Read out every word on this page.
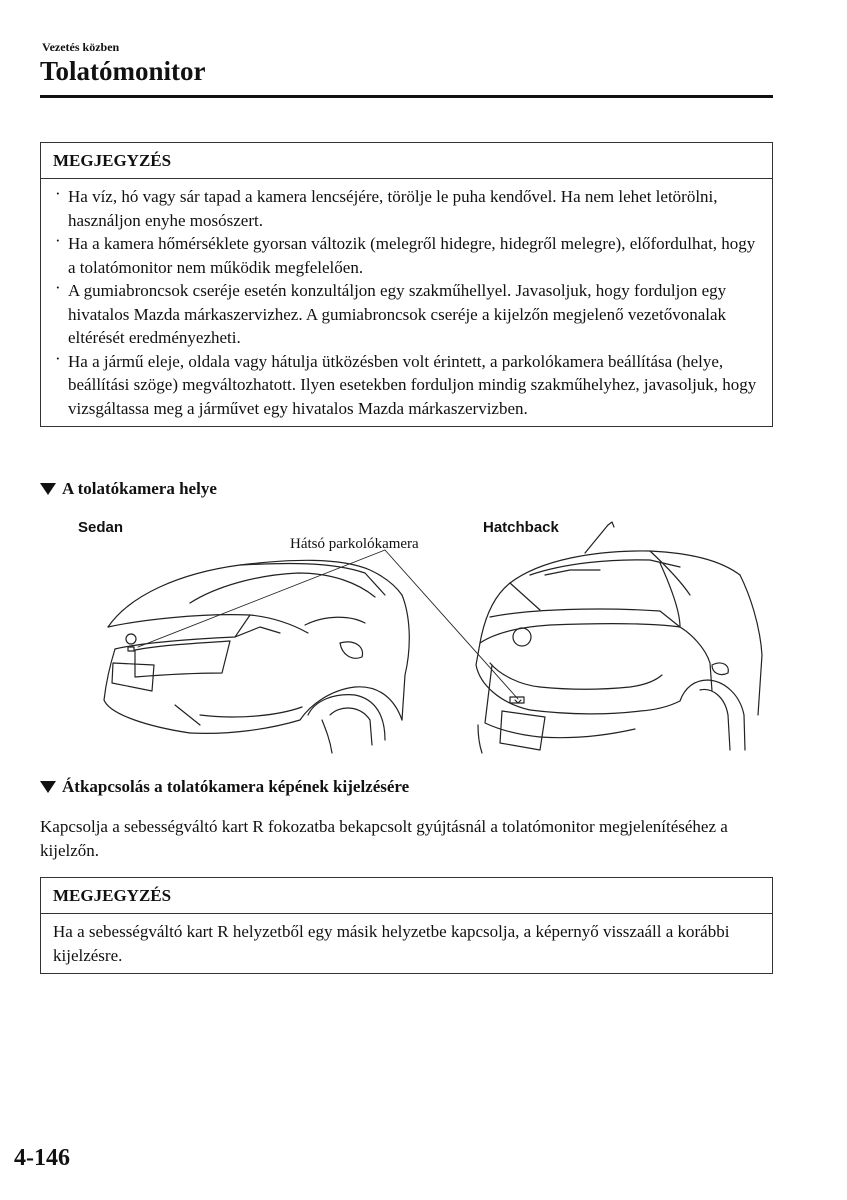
Vezetés közben
Tolatómonitor
MEGJEGYZÉS
· Ha víz, hó vagy sár tapad a kamera lencséjére, törölje le puha kendővel. Ha nem lehet letörölni, használjon enyhe mosószert.
· Ha a kamera hőmérséklete gyorsan változik (melegről hidegre, hidegről melegre), előfordulhat, hogy a tolatómonitor nem működik megfelelően.
· A gumiabroncsok cseréje esetén konzultáljon egy szakműhellyel. Javasoljuk, hogy forduljon egy hivatalos Mazda márkaszervizhez. A gumiabroncsok cseréje a kijelzőn megjelenő vezetővonalak eltérését eredményezheti.
· Ha a jármű eleje, oldala vagy hátulja ütközésben volt érintett, a parkolókamera beállítása (helye, beállítási szöge) megváltozhatott. Ilyen esetekben forduljon mindig szakműhelyhez, javasoljuk, hogy vizsgáltassa meg a járművet egy hivatalos Mazda márkaszervizben.
A tolatókamera helye
Sedan	Hatchback
Hátsó parkolókamera
Átkapcsolás a tolatókamera képének kijelzésére
Kapcsolja a sebességváltó kart R fokozatba bekapcsolt gyújtásnál a tolatómonitor megjelenítéséhez a kijelzőn.
MEGJEGYZÉS
Ha a sebességváltó kart R helyzetből egy másik helyzetbe kapcsolja, a képernyő visszaáll a korábbi kijelzésre.
4-146
